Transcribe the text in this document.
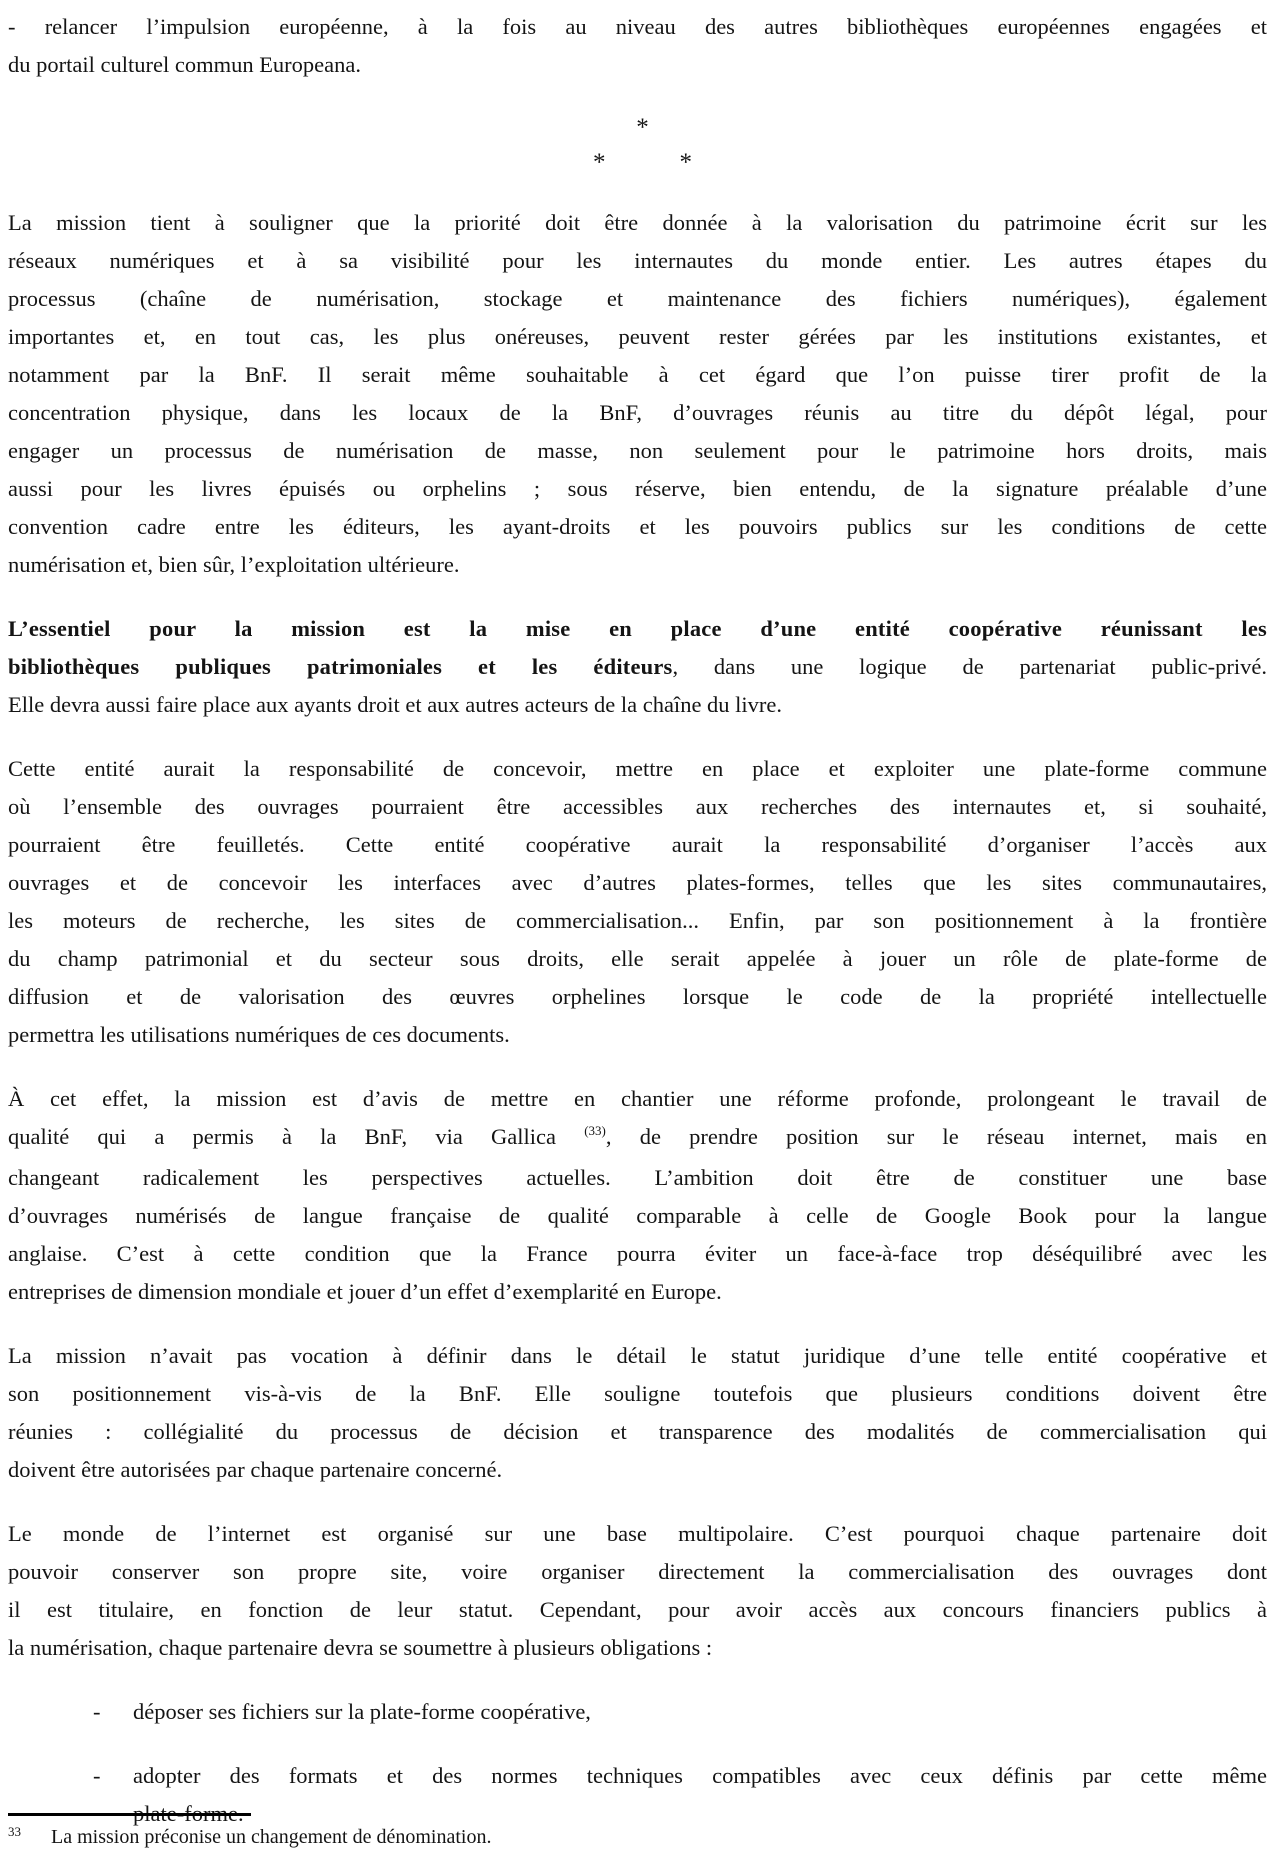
- relancer l’impulsion européenne, à la fois au niveau des autres bibliothèques européennes engagées et
du portail culturel commun Europeana.
*
*	*
La mission tient à souligner que la priorité doit être donnée à la valorisation du patrimoine écrit sur les
réseaux numériques et à sa visibilité pour les internautes du monde entier. Les autres étapes du
processus (chaîne de numérisation, stockage et maintenance des fichiers numériques), également
importantes et, en tout cas, les plus onéreuses, peuvent rester gérées par les institutions existantes, et
notamment par la BnF. Il serait même souhaitable à cet égard que l’on puisse tirer profit de la
concentration physique, dans les locaux de la BnF, d’ouvrages réunis au titre du dépôt légal, pour
engager un processus de numérisation de masse, non seulement pour le patrimoine hors droits, mais
aussi pour les livres épuisés ou orphelins ; sous réserve, bien entendu, de la signature préalable d’une
convention cadre entre les éditeurs, les ayant-droits et les pouvoirs publics sur les conditions de cette
numérisation et, bien sûr, l’exploitation ultérieure.
L’essentiel pour la mission est la mise en place d’une entité coopérative réunissant les
bibliothèques publiques patrimoniales et les éditeurs, dans une logique de partenariat public-privé.
Elle devra aussi faire place aux ayants droit et aux autres acteurs de la chaîne du livre.
Cette entité aurait la responsabilité de concevoir, mettre en place et exploiter une plate-forme commune
où l’ensemble des ouvrages pourraient être accessibles aux recherches des internautes et, si souhaité,
pourraient être feuilletés. Cette entité coopérative aurait la responsabilité d’organiser l’accès aux
ouvrages et de concevoir les interfaces avec d’autres plates-formes, telles que les sites communautaires,
les moteurs de recherche, les sites de commercialisation... Enfin, par son positionnement à la frontière
du champ patrimonial et du secteur sous droits, elle serait appelée à jouer un rôle de plate-forme de
diffusion et de valorisation des œuvres orphelines lorsque le code de la propriété intellectuelle
permettra les utilisations numériques de ces documents.
À cet effet, la mission est d’avis de mettre en chantier une réforme profonde, prolongeant le travail de
qualité qui a permis à la BnF, via Gallica $^{(33)}$, de prendre position sur le réseau internet, mais en
changeant radicalement les perspectives actuelles. L’ambition doit être de constituer une base
d’ouvrages numérisés de langue française de qualité comparable à celle de Google Book pour la langue
anglaise. C’est à cette condition que la France pourra éviter un face-à-face trop déséquilibré avec les
entreprises de dimension mondiale et jouer d’un effet d’exemplarité en Europe.
La mission n’avait pas vocation à définir dans le détail le statut juridique d’une telle entité coopérative et
son positionnement vis-à-vis de la BnF. Elle souligne toutefois que plusieurs conditions doivent être
réunies : collégialité du processus de décision et transparence des modalités de commercialisation qui
doivent être autorisées par chaque partenaire concerné.
Le monde de l’internet est organisé sur une base multipolaire. C’est pourquoi chaque partenaire doit
pouvoir conserver son propre site, voire organiser directement la commercialisation des ouvrages dont
il est titulaire, en fonction de leur statut. Cependant, pour avoir accès aux concours financiers publics à
la numérisation, chaque partenaire devra se soumettre à plusieurs obligations :
-	déposer ses fichiers sur la plate-forme coopérative,
-	adopter des formats et des normes techniques compatibles avec ceux définis par cette même
plate-forme.
33 La mission préconise un changement de dénomination.
